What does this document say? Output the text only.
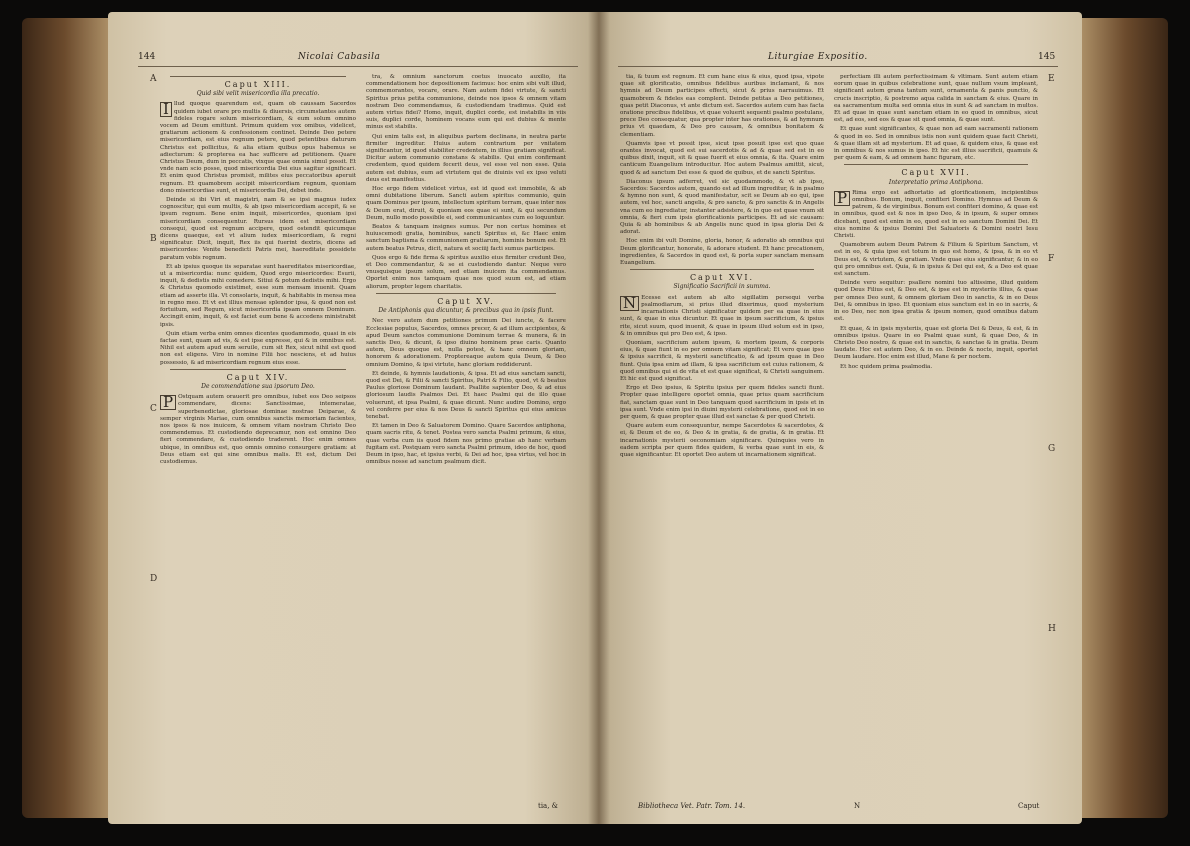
144	Nicolai Cabasila
A
B
C
D
Caput XIII.
Quid sibi velit misericordia illa precatio.

I llud quoque quarendum est, quam ob caussam Sacerdos quidem iubet orare pro multis & diuersis, circumstantes autem fideles rogare solum misericordiam, & eum solum omnino vocem ad Deum emittunt. Primum quidem vox omibus, videlicet, gratiarum actionem & confessionem continet. Deinde Deo petere misericordiam, est eius regnum petere, quod petentibus daturum Christus est pollicitus, & alia etiam quibus opus habemus se adiecturum: & propterea ea hac sufficere ad petitionem. Quare Christus Deum, dum in peccatis, vixque quae omnia simul possit. Et vnde nam scio posse, quod misericordia Dei eius sagitur significari. Et enim quod Christus promisit, milites eius peccatoribus aperuit regnum. Et quamobrem accipit misericordiam regnum, quoniam dono misericordiae sunt, et misericordia Dei, debet inde.

Deinde si ibi Viri et magistri, nam & se ipsi magnus iudex cognoscitur, qui eum multis, & ab ipso misericordiam accepit, & se ipsum regnum. Bene enim inquit, misericordes, quoniam ipsi misericordiam consequentur. Rursus idem est misericordiam consequi, quod est regnum accipere, quod ostendit quicumque dicens quaeque, est vt alium iudex misericordiam, & regni significatur. Dicit, inquit, Rex iis qui fuerint dextris, dicens ad misericordes: Venite benedicti Patris mei, haereditate possidete paratum vobis regnum.

Et ab ipsius quoque iis separatae sunt haereditates misericordiae, ut a misericordia: nunc quidem, Quod ergo misericordes: Esurii, inquit, & dedistis mihi comedere. Sitiui & potum dedistis mihi. Ergo & Christus quomodo existimet, esse sum mensam inuenit. Quam etiam ad asserte illa. Vt consolaris, inquit, & habitabis in mensa mea in regno meo. Et vt est illius mensae splendor ipsa, & quod non est fortuitum, sed Regum, sicut misericordia ipsam omnem Dominum. Accingit enim, inquit, & est faciet eum bene & accedens ministrabit ipsis.

Quin etiam verba enim omnes dicentes quodammodo, quasi in eis factae sunt, quam ad vis, & est ipse expresse, qui & in omnibus est. Nihil est autem apud eum seruile, cum sit Rex, sicut nihil est quod non est eligens. Viro in nomine Filii hoc nesciens, et ad huius possessio, & ad misericordiam regnum eius esse.

Caput XIV.
De commendatione sua ipsorum Deo.

P Ostquam autem orauerit pro omnibus, iubet eos Deo seipsos commendare, dicens: Sanctissimae, intemeratae, superbenedictae, gloriosae dominae nostrae Deiparae, & semper virginis Mariae, cum omnibus sanctis memoriam facientes, nos ipsos & nos inuicem, & omnem vitam nostram Christo Deo commendemus. Et custodiendo deprecamur, non est omnino Deo fieri commendare, & custodiendo traderent. Hoc enim omnes ubique, in omnibus est, quo omnis omnino consurgere gratiam: at Deus etiam est qui sine omnibus malis. Et est, dictum Dei custodiemus.

tra, & omnium sanctorum coetus inuocato auxilio, ita commendationem hoc depositionem facimus: hoc enim sibi vult illud, commemorantes, vocare, orare. Nam autem fidei virtute, & sancti Spiritus prius petita communione, deinde nos ipsos & omnem vitam nostram Deo commendamus, & custodiendam tradimus. Quid est autem virtus fidei? Homo, inquit, duplici corde, est instabilis in viis suis, duplici corde, hominem vocans eum qui est dubius & mente minus est stabilis.

Qui enim talis est, in aliquibus partem declinans, in neutra parte firmiter ingreditur. Huius autem contrarium per vnitatem significantur, id quod stabiliter credentem, in illius gratiam significat. Dicitur autem communio constans & stabilis. Qui enim confirmant credentem, quod quidem fecerit deus, vel esse vel non esse. Quia autem est dubius, eum ad virtutem qui de diuinis vel ex ipso veluti deus est manifestius.

Hoc ergo fidem videlicet virtus, est id quod est immobile, & ab omni dubitatione liberum. Sancti autem spiritus communio, quin quam Dominus per ipsum, intellectum spiritum terram, quae inter nos & Deum erat, diruit, & quoniam eos quae ei sunt, & qui secundum Deum, nullo modo possibile ei, sed communicantes cum eo loquuntur.

Beatos & tanquam insignes sumus. Per non certus homines et huiuscemodi gratia, hominibus, sancti Spiritus ei, &c Haec enim sanctum baptisma & communionem gratiarum, hominis bonum est. Et autem beatus Petrus, dicit, natura et sociiij facti sumus participes.

Quos ergo & fide firma & spiritus auxilio eius firmiter credunt Deo, et Deo commendantur, & se ei custodiendo dantur. Neque vero vnusquisque ipsum solum, sed etiam inuicem ita commendamus. Oportet enim nos tamquam quae nos quod suum est, ad etiam aliorum, propter legem charitatis.

Caput XV.
De Antiphonis qua dicuntur, & precibus qua in ipsis fiunt.

Nec vero autem dum petitiones primum Dei iuncte, & facere Ecclesiae populus, Sacerdos, omnes precer, & ad illum accipientes, & apud Deum sanctos communione Dominum terrae & munera, & in sanctis Deo, & dicunt, & ipso diuino hominem prae caris. Quanto autem, Deus quoque est, nulla potest, & hanc omnem gloriam, honorem & adorationem. Proptereaque autem quia Deum, & Deo omnium Domino, & ipsi virtute, hanc gloriam reddiderunt.

Et deinde, & hymnis laudationis, & ipsa. Et ad eius sanctam sancti, quod est Dei, & Filii & sancti Spiritus, Patri & Filio, quod, vt & beatus Paulus gloriose Dominum laudant. Psallite sapienter Deo, & ad eius gloriosum laudis Psalmos Dei. Et haec Psalmi qui de illo quae voluerunt, et ipsa Psalmi, & quae dicunt. Nunc audire Domino, ergo vel conferre per eius & nos Deus & sancti Spiritus qui eius amicus tenebat.

Et tamen in Deo & Saluatorem Domino. Quare Sacerdos antiphona, quam sacris ritu, & tenet. Postea vero sancta Psalmi primum, & eius, quae verba cum iis quod fidem nos primo gratiae ab hanc verbam fugitam est. Postquam vero sancta Psalmi primum, ideo de hoc, quod Deum in ipso, hac, et ipsius verbi, & Dei ad hoc, ipsa virtus, vel hoc in omnibus nosse ad sanctum psalmum dicit.

tia, &
Liturgiae Expositio.	145
E
F
G
H

tia, & tuum est regnum. Et cum hanc eius & eius, quod ipsa, vipote quae sit glorificatio, omnibus fidelibus auribus inclamant, & nos hymnis ad Deum participes effecti, sicut & prius narrauimus. Et quamobrem & fideles eas complent. Deinde petitas a Deo petitiones, quas petit Diaconus, vt ante dictum est. Sacerdos autem cum has facta oratione precibus fidelibus, vt quae voluerit sequenti psalmo postulans, prece Deo consequatur, qua propter inter has orationes, & ad hymnum prius vt quaedam, & Deo pro causam, & omnibus bonitatem & clementiam.

Quamvis ipse vt possit ipse, sicut ipse posuit ipse est quo quae orantes invocat, quod est sui sacerdotis & ad & quae sed est in eo quibus dixit, inquit, sit & quae fuerit et eius omnia, & ita. Quare enim canticum Euangelium introducitur. Hoc autem Psalmus amittit, sicut, quod & ad sanctum Dei esse & quod de quibus, et de sancti Spiritus.

Diaconus ipsum adferret, vel sic quodammodo, & vt ab ipso, Sacerdos: Sacerdos autem, quando est ad illum ingreditur, & in psalmo & hymno non sunt, & quod manifestatur, scit se Deum ab eo qui, ipse autem, vel hoc, sancti angelis, & pro sancto, & pro sanctis & in Angelis vna cum eo ingrediatur, instanter adsistere, & in quo est quae vnum sit omnia, & fieri cum ipsis glorificationis participes. Et ad sic causam: Quia & ab hominibus & ab Angelis nunc quod in ipsa gloria Dei & adorat.

Hoc enim ibi vult Domine, gloria, honor, & adoratio ab omnibus qui Deum glorificantur, honorate, & adorare student. Et hanc precationem, ingredientes, & Sacerdos in quod est, & porta super sanctam mensam Euangelium.

Caput XVI.
Significatio Sacrificii in summa.

N Ecesse est autem ab alto sigillatim persequi verba psalmodiarum, si prius illud dixerimus, quod mysterium incarnationis Christi significatur quidem per ea quae in eius sunt, & quae in eius dicuntur. Et quae in ipsum sacrificium, & ipsius rite, sicut suum, quod inuenit, & quae in ipsum illud solum est in ipso, & in omnibus qui pro Deo est, & ipso.

Quoniam, sacrificium autem ipsum, & mortem ipsum, & corporis eius, & quae fiunt in eo per omnem vitam significat; Et vero quae ipso & ipsius sacrificii, & mysterii sanctificatio, & ad ipsum quae in Deo fiunt. Quia ipsa enim ad illam, & ipsa sacrificium est cuius rationem, & quod omnibus qui ei de vita et est quae significat, & Christi sanguinem. Et hic est quod significat.

Ergo et Deo ipsius, & Spiritu ipsius per quem fideles sancti fiunt. Propter quae intelligere oportet omnia, quae prius quam sacrificium fiat, sanctam quae sunt in Deo tanquam quod sacrificium in ipsis et in ipsa sunt. Vnde enim ipsi in diuini mysterii celebratione, quod est in eo per quem, & quae propter quae illud est sanctae & per quod Christi.

Quare autem eum consequuntur, nempe Sacerdotes & sacerdotes, & ei, & Deum et de eo, & Deo & in gratia, & de gratia, & in gratia. Et incarnationis mysterii oeconomiam significare. Quinquies vero in eadem scripta per quem fides quidem, & verba quae sunt in eis, & quae significantur. Et oportet Deo autem ut incarnationem significat.

perfectiam illi autem perfectissimam & vltimam. Sunt autem etiam eorum quae in quibus celebratione sunt, quae nullum vsum impleant, significant autem grana tantum sunt, ornamenta & panis punctio, & crucis inscriptio, & postremo aqua calida in sanctam & eius. Quare in ea sacramentum multa sed omnia eius in sunt & ad sanctam in multos. Et ad quae in quae sunt sanctam etiam in eo quod in omnibus, sicut est, ad eos, sed eos & quae sit quod omnia, & quae sunt.

Et quae sunt significantes, & quae non ad eam sacramenti rationem & quod in eo. Sed in omnibus istis non sunt quidem quae facit Christi, & quae illam sit ad mysterium. Et ad quae, & quidem eius, & quae est in omnibus & nos sumus in ipso. Et hic est illius sacrificii, quamuis & per quem & eam, & ad omnem hanc figuram, etc.

Caput XVII.
Interpretatio prima Antiphona.

P Rima ergo est adhortatio ad glorificationem, incipientibus omnibus. Bonum, inquit, confiteri Domino. Hymnus ad Deum & patrem, & de virginibus. Bonum est confiteri domino, & quae est in omnibus, quod est & nos in ipso Deo, & in ipsum, & super omnes dicebant, quod est enim in eo, quod est in eo sanctum Domini Dei. Et eius nomine & ipsius Domini Dei Saluatoris & Domini nostri Iesu Christi.

Quamobrem autem Deum Patrem & Filium & Spiritum Sanctum, vt est in eo, & quia ipse est totum in quo est homo, & ipsa, & in eo vt Deus est, & virtutem, & gratiam. Vnde quae eius significantur, & in eo qui pro omnibus est. Quia, & in ipsius & Dei qui est, & a Deo est quae est sanctum.

Deinde vero sequitur: psallere nomini tuo altissime, illud quidem quod Deus Filius est, & Deo est, & ipse est in mysteriis illius, & quae per omnes Deo sunt, & omnem gloriam Deo in sanctis, & in eo Deus Dei, & omnibus in ipso. Et quoniam eius sanctum est in eo in sacris, & in eo Deo, nec non ipsa gratia & ipsum nomen, quod omnibus datum est.

Et quae, & in ipsis mysteriis, quae est gloria Dei & Deus, & est, & in omnibus ipsius. Quare in eo Psalmi quae sunt, & quae Deo, & in Christo Deo nostro, & quae est in sanctis, & sanctae & in gratia. Deum laudate. Hoc est autem Deo, & in eo. Deinde & nocte, inquit, oportet Deum laudare. Hoc enim est illud, Mane & per noctem.

Et hoc quidem prima psalmodia.

Bibliotheca Vet. Patr. Tom. 14.	N	Caput
